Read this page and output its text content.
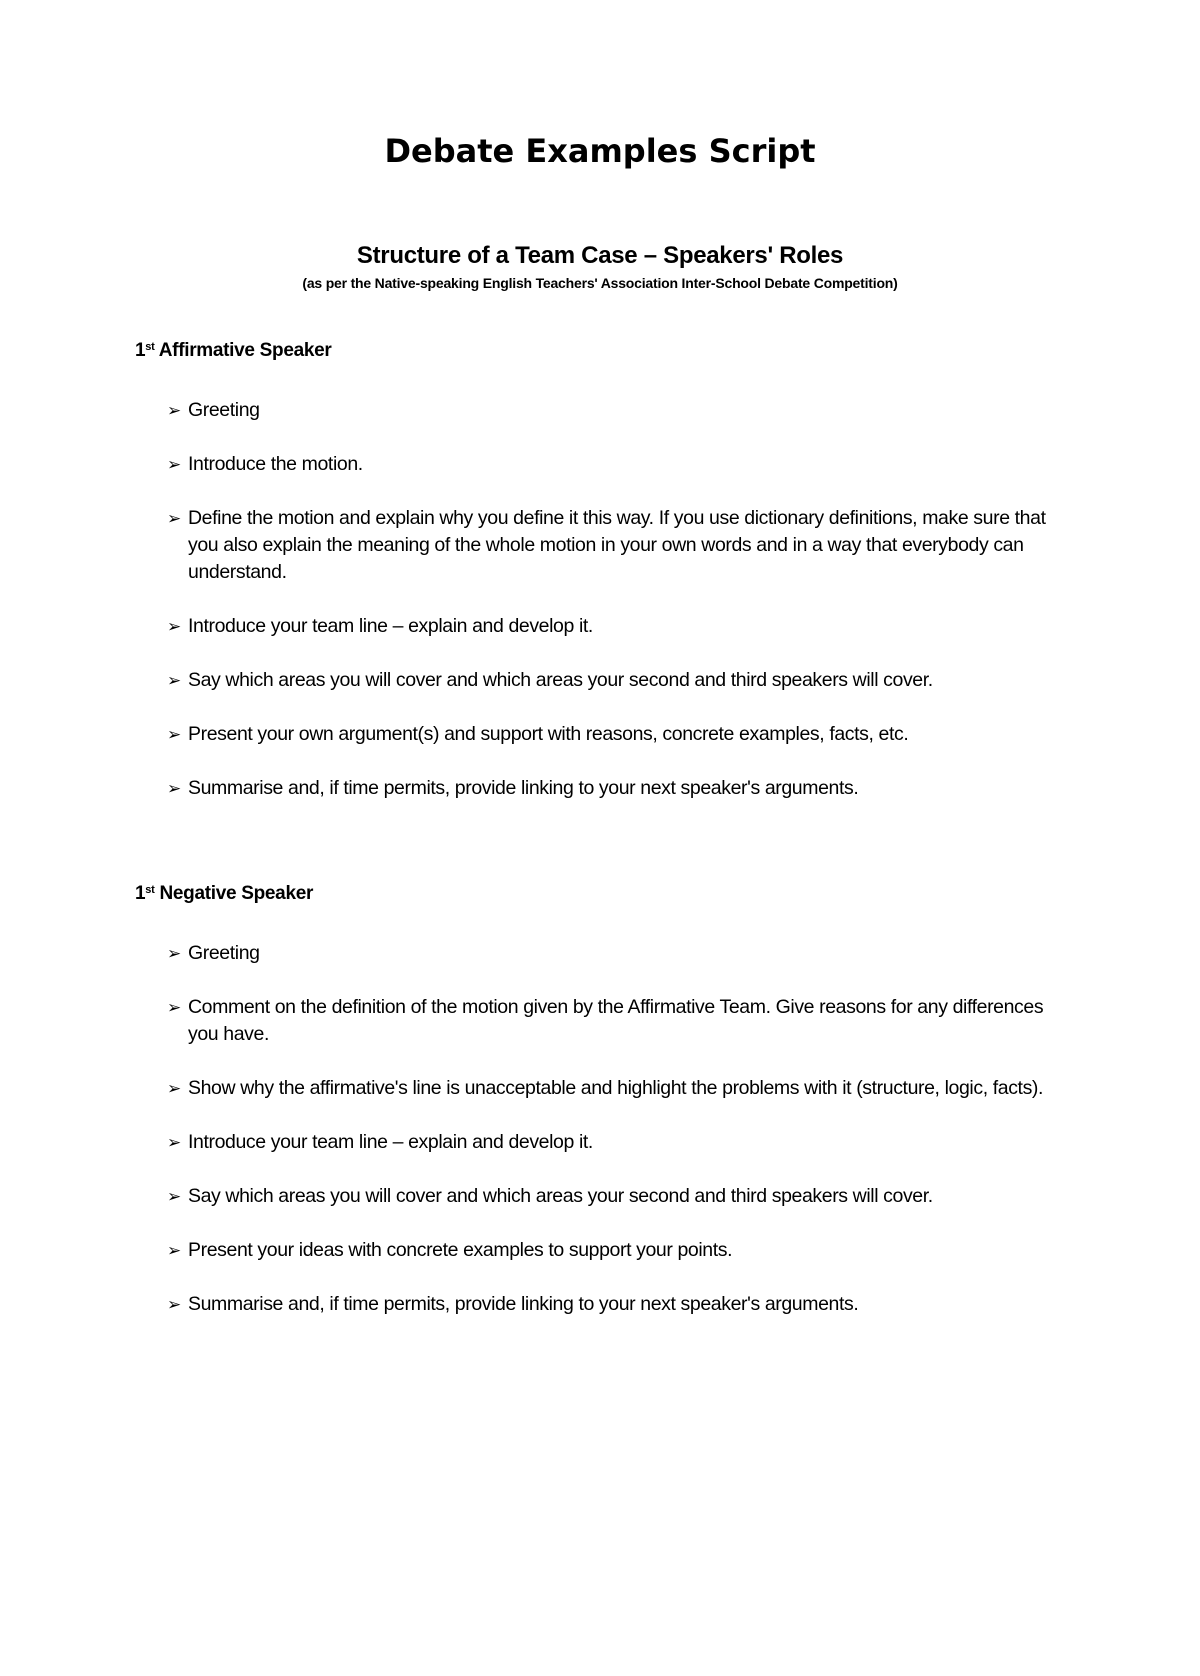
Debate Examples Script
Structure of a Team Case – Speakers' Roles

(as per the Native-speaking English Teachers' Association Inter-School Debate Competition)

1st Affirmative Speaker

➢ Greeting
➢ Introduce the motion.
➢ Define the motion and explain why you define it this way. If you use dictionary definitions, make sure that you also explain the meaning of the whole motion in your own words and in a way that everybody can understand.
➢ Introduce your team line – explain and develop it.
➢ Say which areas you will cover and which areas your second and third speakers will cover.
➢ Present your own argument(s) and support with reasons, concrete examples, facts, etc.
➢ Summarise and, if time permits, provide linking to your next speaker's arguments.

1st Negative Speaker

➢ Greeting
➢ Comment on the definition of the motion given by the Affirmative Team. Give reasons for any differences you have.
➢ Show why the affirmative's line is unacceptable and highlight the problems with it (structure, logic, facts).
➢ Introduce your team line – explain and develop it.
➢ Say which areas you will cover and which areas your second and third speakers will cover.
➢ Present your ideas with concrete examples to support your points.
➢ Summarise and, if time permits, provide linking to your next speaker's arguments.
